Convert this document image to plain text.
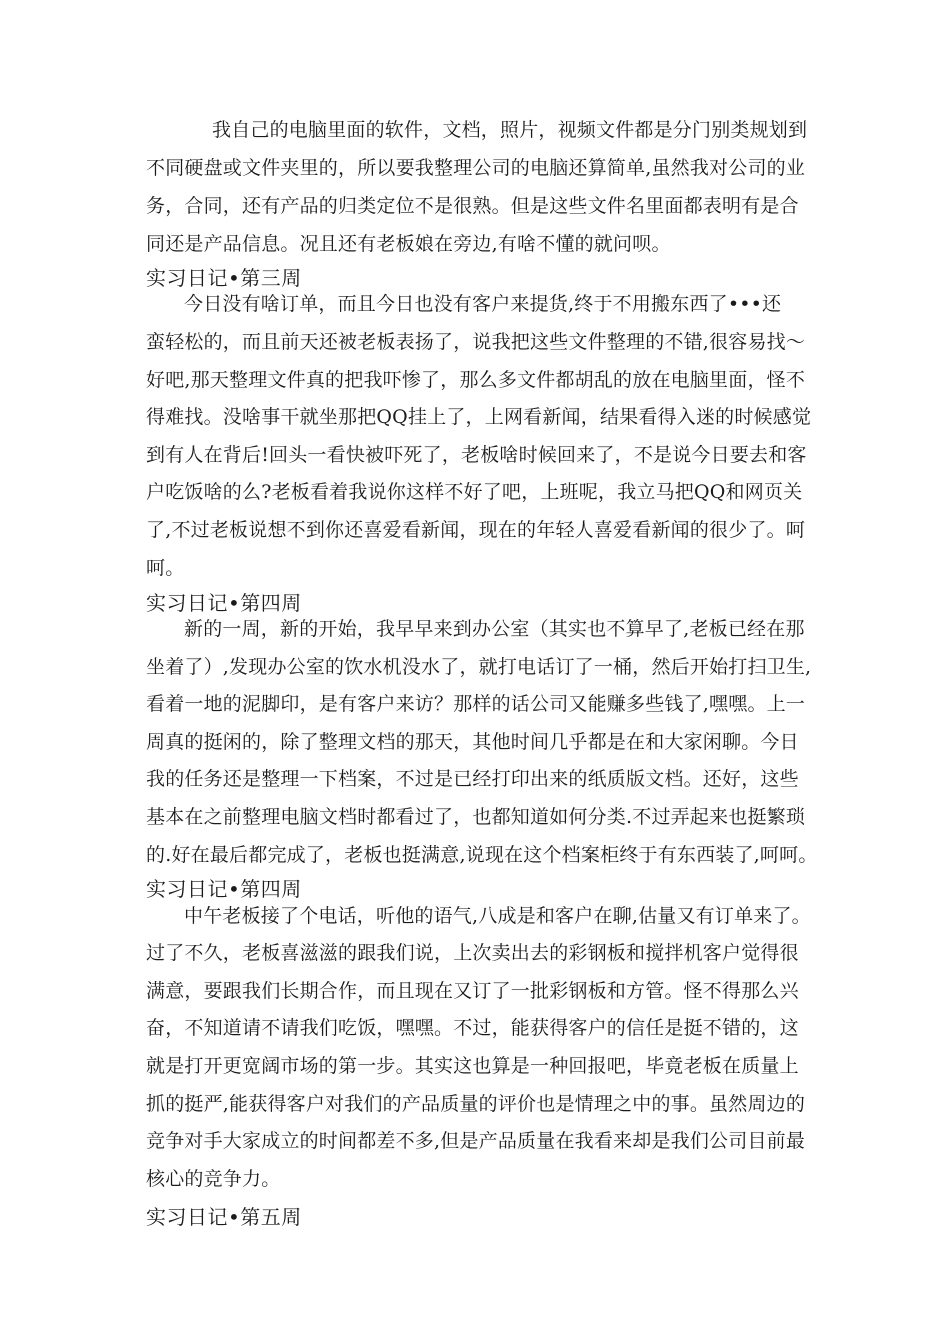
我自己的电脑里面的软件，文档，照片，视频文件都是分门别类规划到
不同硬盘或文件夹里的，所以要我整理公司的电脑还算简单,虽然我对公司的业
务，合同，还有产品的归类定位不是很熟。但是这些文件名里面都表明有是合
同还是产品信息。况且还有老板娘在旁边,有啥不懂的就问呗。
实习日记•第三周
今日没有啥订单，而且今日也没有客户来提货,终于不用搬东西了•••还
蛮轻松的，而且前天还被老板表扬了，说我把这些文件整理的不错,很容易找～
好吧,那天整理文件真的把我吓惨了，那么多文件都胡乱的放在电脑里面，怪不
得难找。没啥事干就坐那把QQ挂上了，上网看新闻，结果看得入迷的时候感觉
到有人在背后!回头一看快被吓死了，老板啥时候回来了，不是说今日要去和客
户吃饭啥的么?老板看着我说你这样不好了吧，上班呢，我立马把QQ和网页关
了,不过老板说想不到你还喜爱看新闻，现在的年轻人喜爱看新闻的很少了。呵
呵。
实习日记•第四周
新的一周，新的开始，我早早来到办公室（其实也不算早了,老板已经在那
坐着了）,发现办公室的饮水机没水了，就打电话订了一桶，然后开始打扫卫生,
看着一地的泥脚印，是有客户来访？那样的话公司又能赚多些钱了,嘿嘿。上一
周真的挺闲的，除了整理文档的那天，其他时间几乎都是在和大家闲聊。今日
我的任务还是整理一下档案，不过是已经打印出来的纸质版文档。还好，这些
基本在之前整理电脑文档时都看过了，也都知道如何分类.不过弄起来也挺繁琐
的.好在最后都完成了，老板也挺满意,说现在这个档案柜终于有东西装了,呵呵。
实习日记•第四周
中午老板接了个电话，听他的语气,八成是和客户在聊,估量又有订单来了。
过了不久，老板喜滋滋的跟我们说，上次卖出去的彩钢板和搅拌机客户觉得很
满意，要跟我们长期合作，而且现在又订了一批彩钢板和方管。怪不得那么兴
奋，不知道请不请我们吃饭，嘿嘿。不过，能获得客户的信任是挺不错的，这
就是打开更宽阔市场的第一步。其实这也算是一种回报吧，毕竟老板在质量上
抓的挺严,能获得客户对我们的产品质量的评价也是情理之中的事。虽然周边的
竞争对手大家成立的时间都差不多,但是产品质量在我看来却是我们公司目前最
核心的竞争力。
实习日记•第五周
